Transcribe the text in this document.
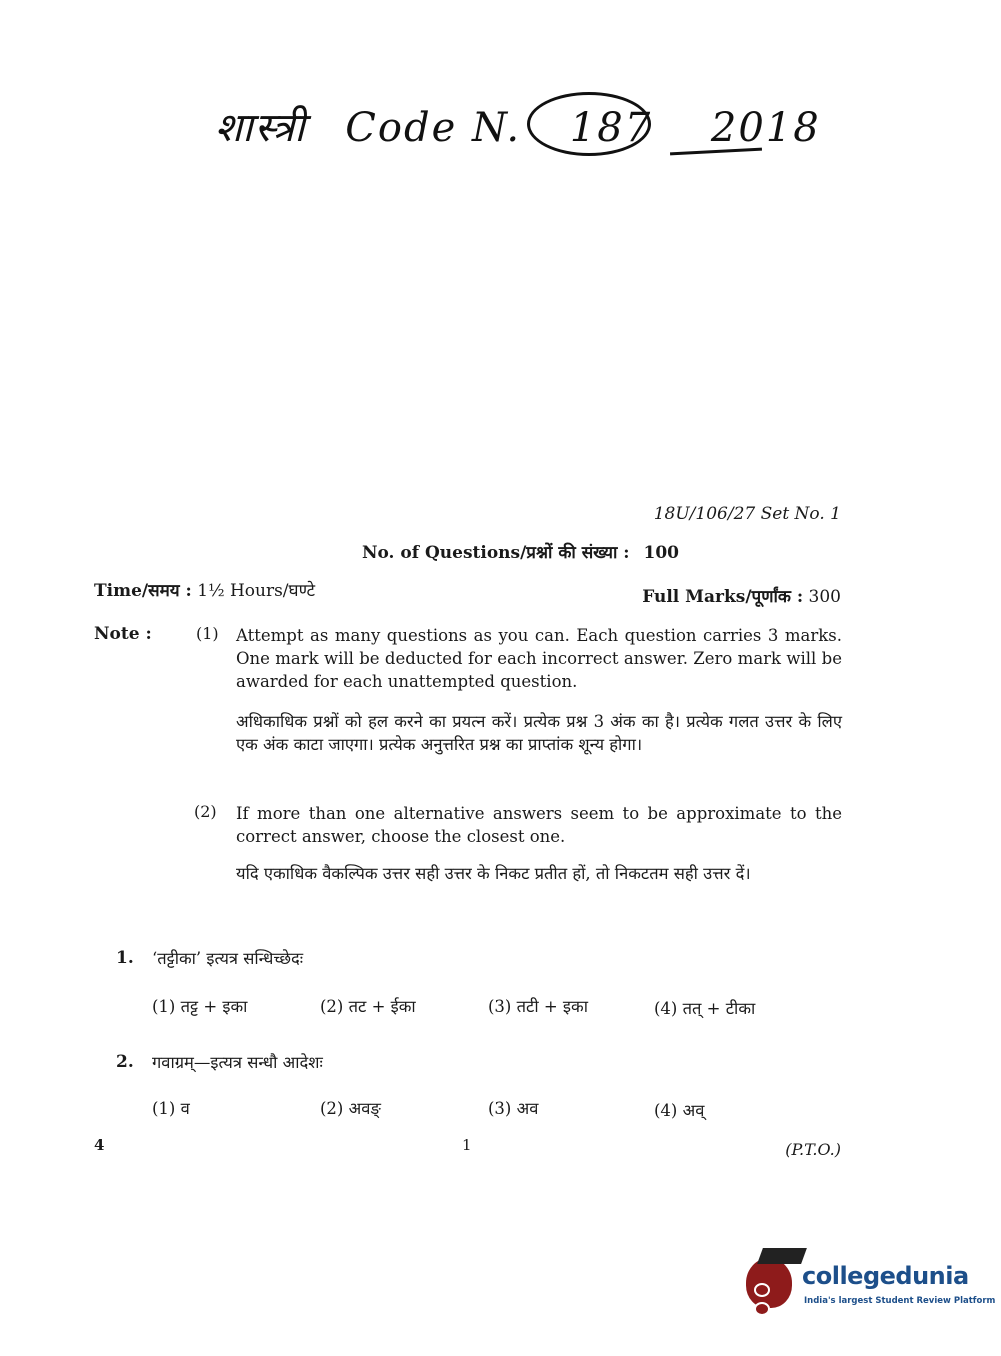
शास्त्री Code N. 187 2018
18U/106/27 Set No. 1
No. of Questions/प्रश्नों की संख्या : 100
Time/समय : 1½ Hours/घण्टे	Full Marks/पूर्णांक : 300
Note :	(1) Attempt as many questions as you can. Each question carries 3 marks. One mark will be deducted for each incorrect answer. Zero mark will be awarded for each unattempted question.
अधिकाधिक प्रश्नों को हल करने का प्रयत्न करें। प्रत्येक प्रश्न 3 अंक का है। प्रत्येक गलत उत्तर के लिए एक अंक काटा जाएगा। प्रत्येक अनुत्तरित प्रश्न का प्राप्तांक शून्य होगा।
(2) If more than one alternative answers seem to be approximate to the correct answer, choose the closest one.
यदि एकाधिक वैकल्पिक उत्तर सही उत्तर के निकट प्रतीत हों, तो निकटतम सही उत्तर दें।
1. ‘तट्टीका’ इत्यत्र सन्धिच्छेदः
(1) तट्ट + इका	(2) तट + ईका	(3) तटी + इका	(4) तत् + टीका
2. गवाग्रम्—इत्यत्र सन्धौ आदेशः
(1) व	(2) अवङ्	(3) अव	(4) अव्
4	1	(P.T.O.)
collegedunia
India's largest Student Review Platform
